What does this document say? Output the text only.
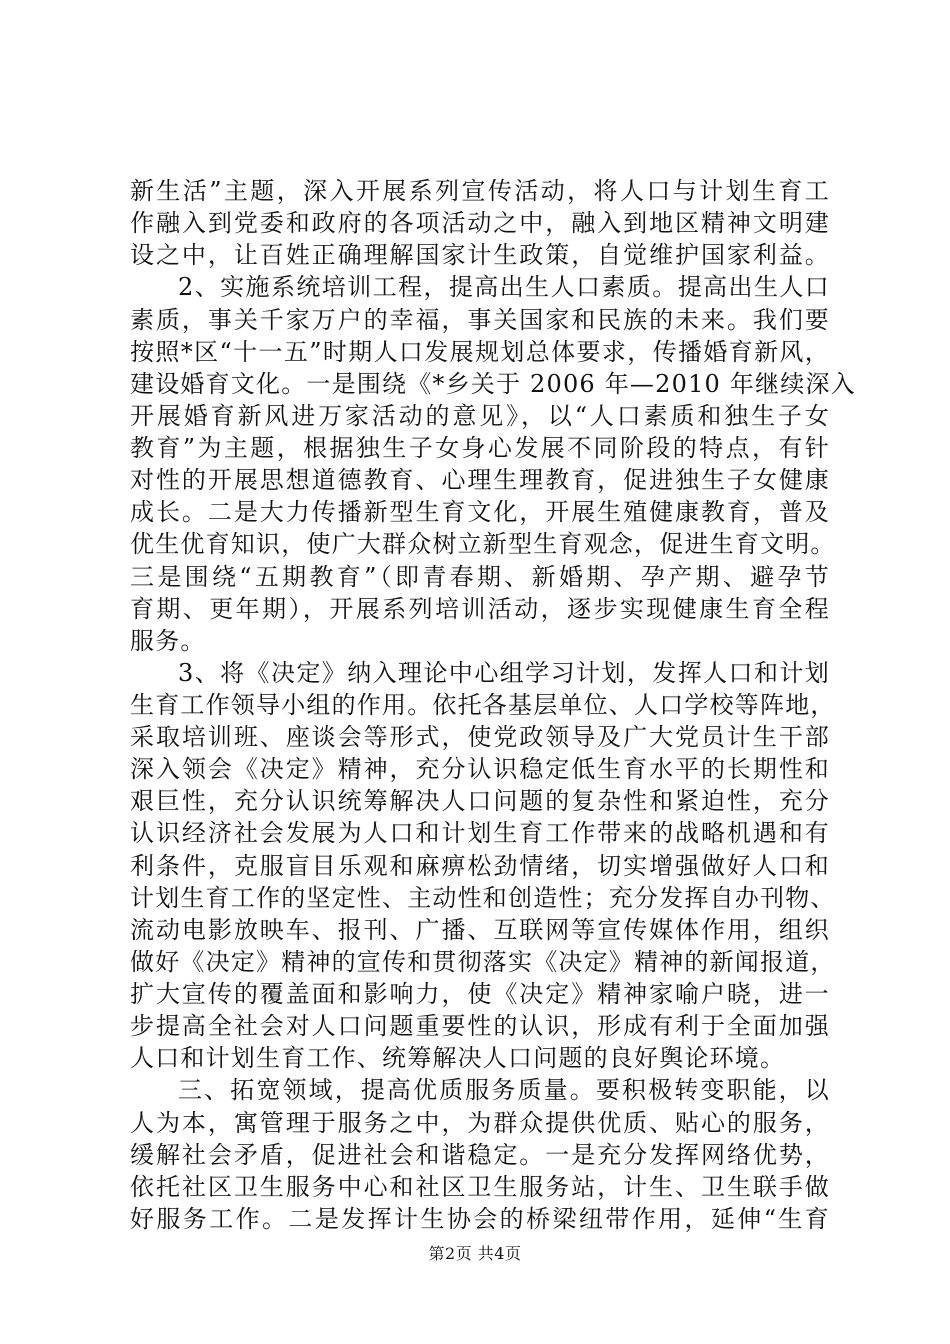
新生活”主题，深入开展系列宣传活动，将人口与计划生育工
作融入到党委和政府的各项活动之中，融入到地区精神文明建
设之中，让百姓正确理解国家计生政策，自觉维护国家利益。
2、实施系统培训工程，提高出生人口素质。提高出生人口
素质，事关千家万户的幸福，事关国家和民族的未来。我们要
按照*区“十一五”时期人口发展规划总体要求，传播婚育新风，
建设婚育文化。一是围绕《*乡关于 2006 年—2010 年继续深入
开展婚育新风进万家活动的意见》，以“人口素质和独生子女
教育”为主题，根据独生子女身心发展不同阶段的特点，有针
对性的开展思想道德教育、心理生理教育，促进独生子女健康
成长。二是大力传播新型生育文化，开展生殖健康教育，普及
优生优育知识，使广大群众树立新型生育观念，促进生育文明。
三是围绕“五期教育”（即青春期、新婚期、孕产期、避孕节
育期、更年期），开展系列培训活动，逐步实现健康生育全程
服务。
3、将《决定》纳入理论中心组学习计划，发挥人口和计划
生育工作领导小组的作用。依托各基层单位、人口学校等阵地，
采取培训班、座谈会等形式，使党政领导及广大党员计生干部
深入领会《决定》精神，充分认识稳定低生育水平的长期性和
艰巨性，充分认识统筹解决人口问题的复杂性和紧迫性，充分
认识经济社会发展为人口和计划生育工作带来的战略机遇和有
利条件，克服盲目乐观和麻痹松劲情绪，切实增强做好人口和
计划生育工作的坚定性、主动性和创造性；充分发挥自办刊物、
流动电影放映车、报刊、广播、互联网等宣传媒体作用，组织
做好《决定》精神的宣传和贯彻落实《决定》精神的新闻报道，
扩大宣传的覆盖面和影响力，使《决定》精神家喻户晓，进一
步提高全社会对人口问题重要性的认识，形成有利于全面加强
人口和计划生育工作、统筹解决人口问题的良好舆论环境。
三、拓宽领域，提高优质服务质量。要积极转变职能，以
人为本，寓管理于服务之中，为群众提供优质、贴心的服务，
缓解社会矛盾，促进社会和谐稳定。一是充分发挥网络优势，
依托社区卫生服务中心和社区卫生服务站，计生、卫生联手做
好服务工作。二是发挥计生协会的桥梁纽带作用，延伸“生育
第2页 共4页
